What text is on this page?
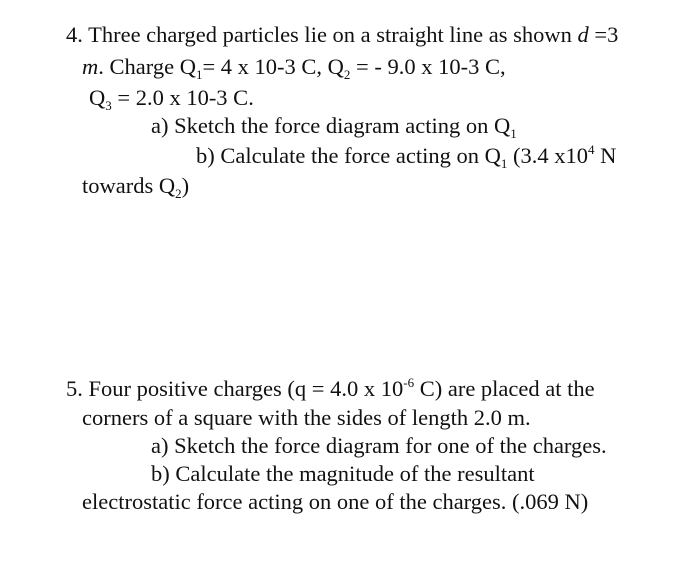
4. Three charged particles lie on a straight line as shown d =3
m. Charge $Q_1= 4$ x 10-3 C, $Q_2$ = - 9.0 x 10-3 C,
$Q_3 = 2.0$ x 10-3 C.
a) Sketch the force diagram acting on $Q_1$
b) Calculate the force acting on $Q_1$ (3.4 $x10^4$ N
towards $Q_2$)
5. Four positive charges (q = 4.0 x $10^{-6}$ C) are placed at the
corners of a square with the sides of length 2.0 m.
a) Sketch the force diagram for one of the charges.
b) Calculate the magnitude of the resultant
electrostatic force acting on one of the charges. (.069 N)
